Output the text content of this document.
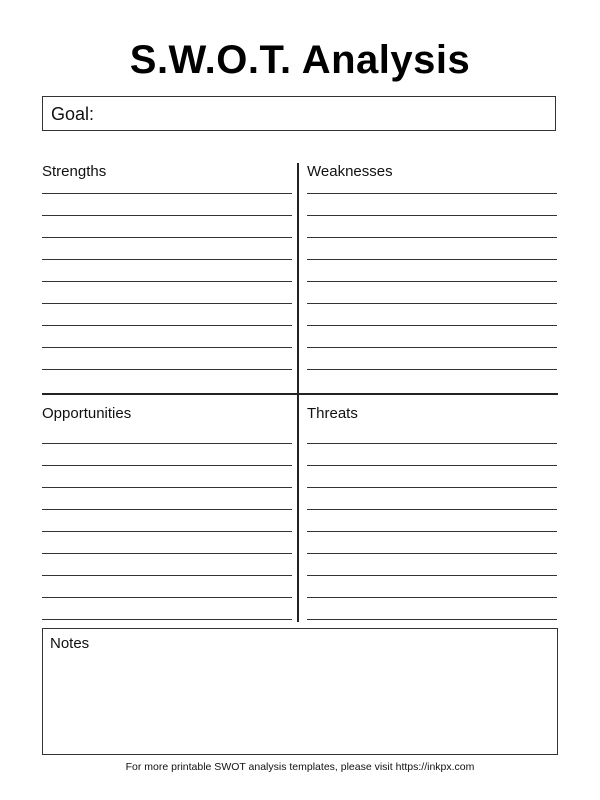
S.W.O.T. Analysis
Goal:
Strengths	Weaknesses
Opportunities	Threats
Notes
For more printable SWOT analysis templates, please visit https://inkpx.com
